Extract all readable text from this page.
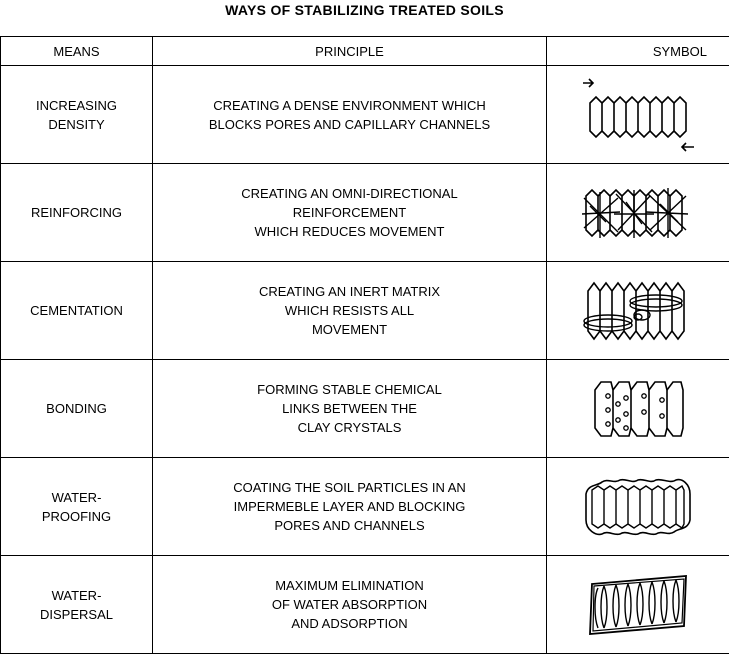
WAYS OF STABILIZING TREATED SOILS
MEANS	PRINCIPLE	SYMBOL

INCREASING
DENSITY	CREATING A DENSE ENVIRONMENT WHICH
BLOCKS PORES AND CAPILLARY CHANNELS

REINFORCING	CREATING AN OMNI-DIRECTIONAL
REINFORCEMENT
WHICH REDUCES MOVEMENT

CEMENTATION	CREATING AN INERT MATRIX
WHICH RESISTS ALL
MOVEMENT

BONDING	FORMING STABLE CHEMICAL
LINKS BETWEEN THE
CLAY CRYSTALS

WATER-
PROOFING	COATING THE SOIL PARTICLES IN AN
IMPERMEBLE LAYER AND BLOCKING
PORES AND CHANNELS

WATER-
DISPERSAL	MAXIMUM ELIMINATION
OF WATER ABSORPTION
AND ADSORPTION
